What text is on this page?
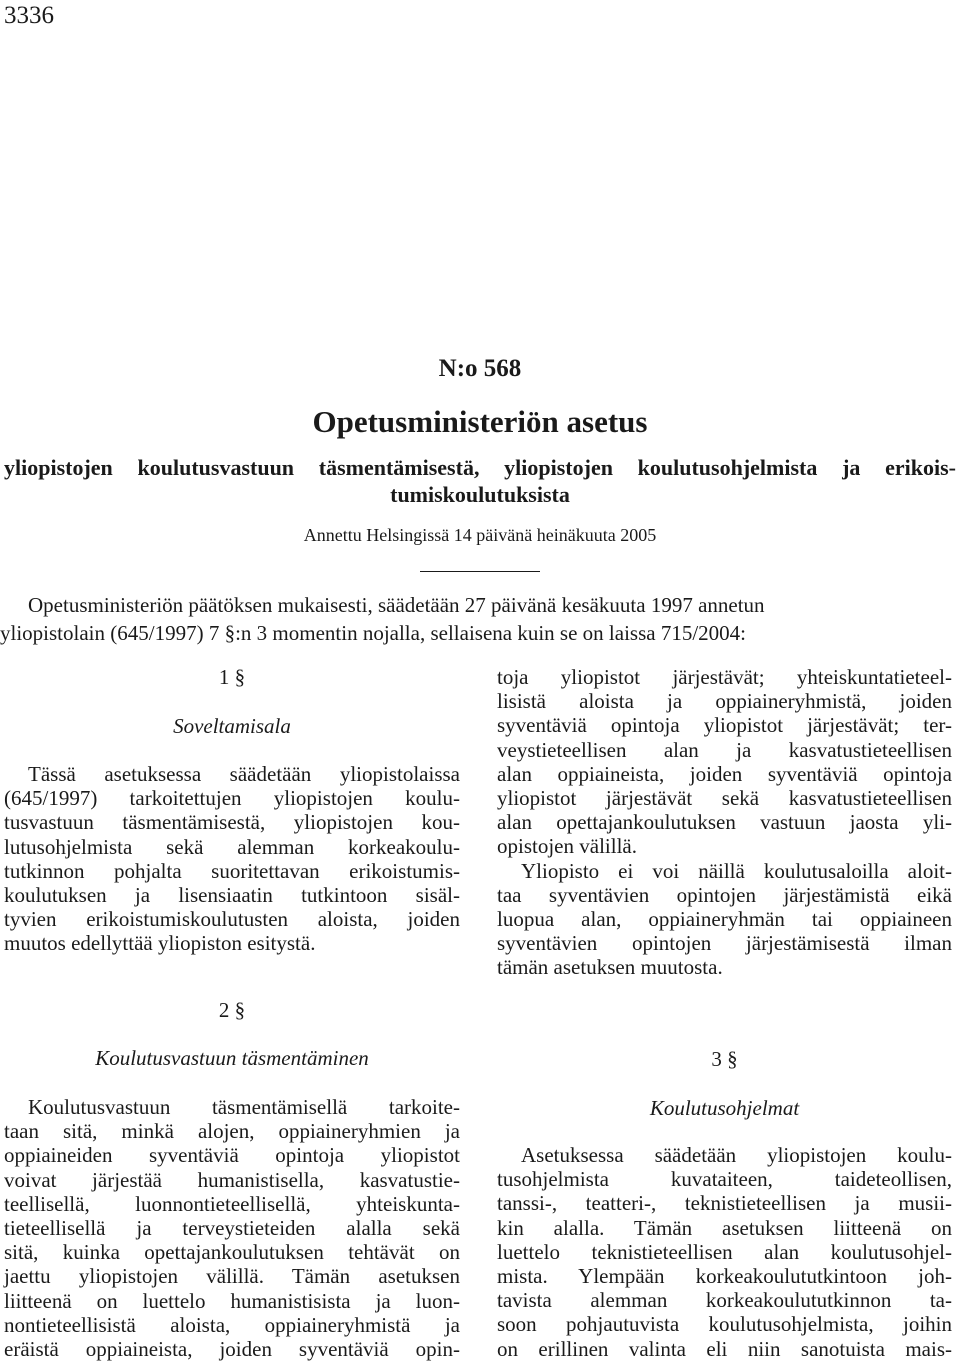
3336
N:o 568
Opetusministeriön asetus
yliopistojen koulutusvastuun täsmentämisestä, yliopistojen koulutusohjelmista ja erikois-
tumiskoulutuksista
Annettu Helsingissä 14 päivänä heinäkuuta 2005
Opetusministeriön päätöksen mukaisesti, säädetään 27 päivänä kesäkuuta 1997 annetun
yliopistolain (645/1997) 7 §:n 3 momentin nojalla, sellaisena kuin se on laissa 715/2004:
1 §
Soveltamisala
Tässä asetuksessa säädetään yliopistolaissa
(645/1997) tarkoitettujen yliopistojen koulu-
tusvastuun täsmentämisestä, yliopistojen kou-
lutusohjelmista sekä alemman korkeakoulu-
tutkinnon pohjalta suoritettavan erikoistumis-
koulutuksen ja lisensiaatin tutkintoon sisäl-
tyvien erikoistumiskoulutusten aloista, joiden
muutos edellyttää yliopiston esitystä.
2 §
Koulutusvastuun täsmentäminen
Koulutusvastuun täsmentämisellä tarkoite-
taan sitä, minkä alojen, oppiaineryhmien ja
oppiaineiden syventäviä opintoja yliopistot
voivat järjestää humanistisella, kasvatustie-
teellisellä, luonnontieteellisellä, yhteiskunta-
tieteellisellä ja terveystieteiden alalla sekä
sitä, kuinka opettajankoulutuksen tehtävät on
jaettu yliopistojen välillä. Tämän asetuksen
liitteenä on luettelo humanistisista ja luon-
nontieteellisistä aloista, oppiaineryhmistä ja
eräistä oppiaineista, joiden syventäviä opin-
toja yliopistot järjestävät; yhteiskuntatieteel-
lisistä aloista ja oppiaineryhmistä, joiden
syventäviä opintoja yliopistot järjestävät; ter-
veystieteellisen alan ja kasvatustieteellisen
alan oppiaineista, joiden syventäviä opintoja
yliopistot järjestävät sekä kasvatustieteellisen
alan opettajankoulutuksen vastuun jaosta yli-
opistojen välillä.
Yliopisto ei voi näillä koulutusaloilla aloit-
taa syventävien opintojen järjestämistä eikä
luopua alan, oppiaineryhmän tai oppiaineen
syventävien opintojen järjestämisestä ilman
tämän asetuksen muutosta.
3 §
Koulutusohjelmat
Asetuksessa säädetään yliopistojen koulu-
tusohjelmista kuvataiteen, taideteollisen,
tanssi-, teatteri-, teknistieteellisen ja musii-
kin alalla. Tämän asetuksen liitteenä on
luettelo teknistieteellisen alan koulutusohjel-
mista. Ylempään korkeakoulututkintoon joh-
tavista alemman korkeakoulututkinnon ta-
soon pohjautuvista koulutusohjelmista, joihin
on erillinen valinta eli niin sanotuista mais-
